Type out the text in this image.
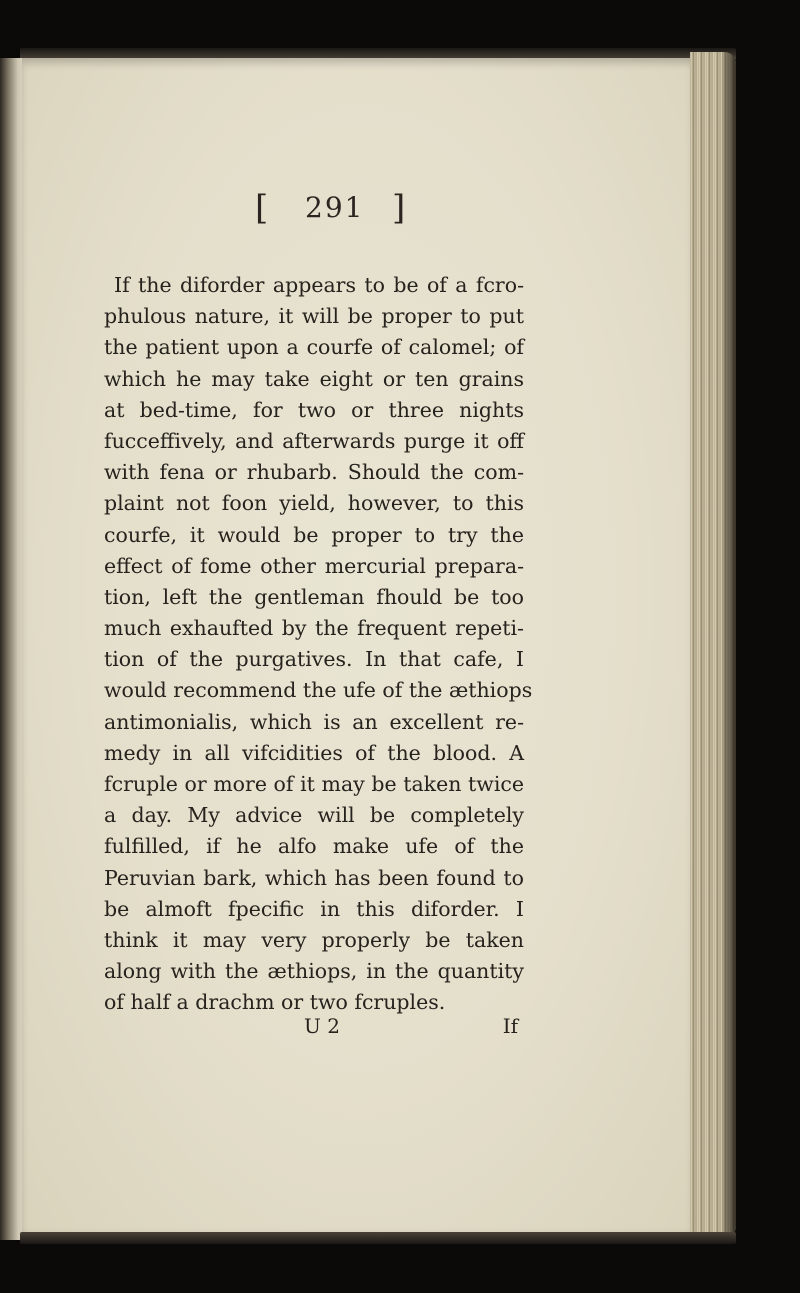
[ 291 ]
If the diforder appears to be of a fcro-
phulous nature, it will be proper to put
the patient upon a courfe of calomel; of
which he may take eight or ten grains
at bed-time, for two or three nights
fucceffively, and afterwards purge it off
with fena or rhubarb. Should the com-
plaint not foon yield, however, to this
courfe, it would be proper to try the
effect of fome other mercurial prepara-
tion, left the gentleman fhould be too
much exhaufted by the frequent repeti-
tion of the purgatives. In that cafe, I
would recommend the ufe of the æthiops
antimonialis, which is an excellent re-
medy in all vifcidities of the blood. A
fcruple or more of it may be taken twice
a day. My advice will be completely
fulfilled, if he alfo make ufe of the
Peruvian bark, which has been found to
be almoft fpecific in this diforder. I
think it may very properly be taken
along with the æthiops, in the quantity
of half a drachm or two fcruples.
U 2	If
